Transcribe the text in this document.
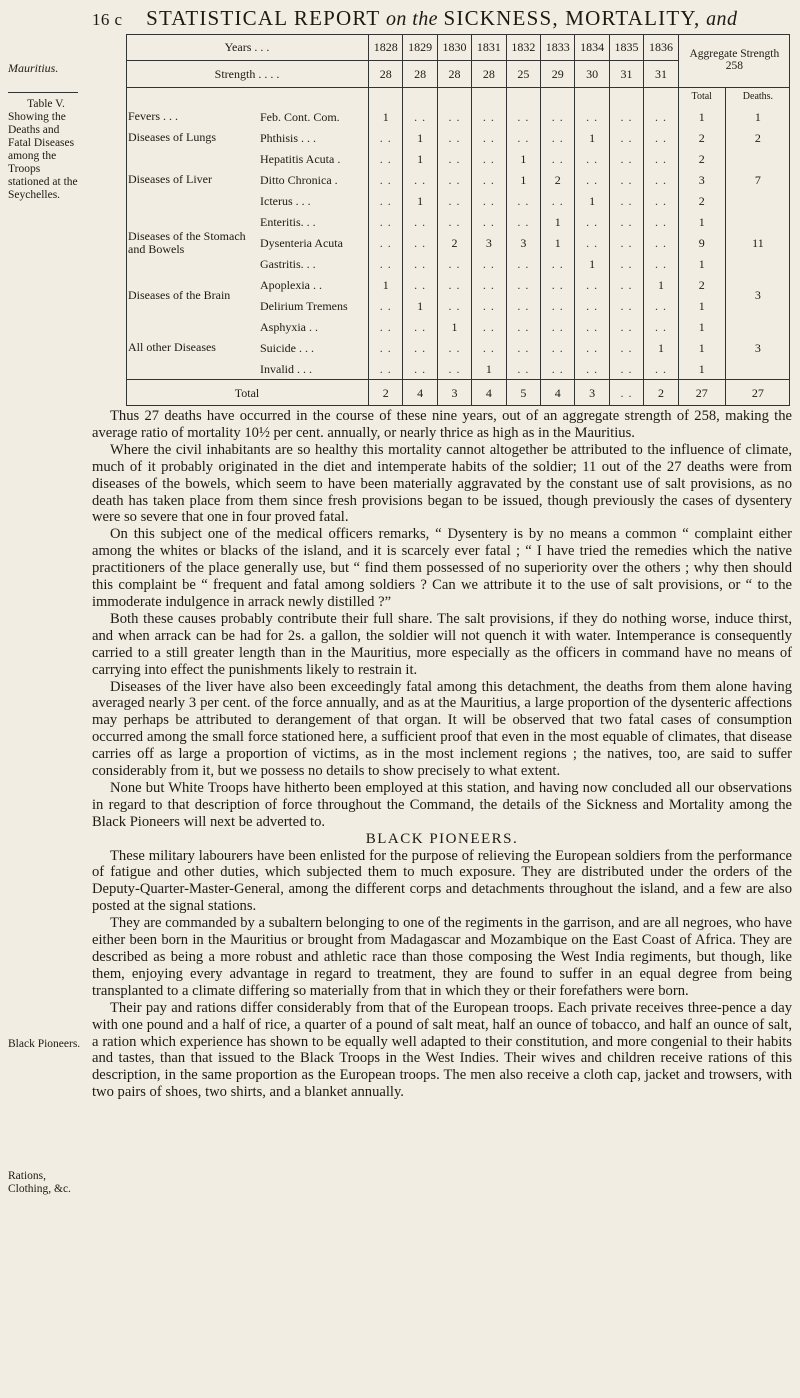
16 c STATISTICAL REPORT on the SICKNESS, MORTALITY, and
Mauritius.
Table V.
Showing the Deaths and Fatal Diseases among the Troops stationed at the Seychelles.
Black Pioneers.
Rations, Clothing, &c.
Years . . .		1828	1829	1830	1831	1832	1833	1834	1835	1836	Aggregate Strength
258	

Strength . . . .		28	28	28	28	25	29	30	31	31		
											Total	Deaths.
Fevers . . .	Feb. Cont. Com.	1	. .	. .	. .	. .	. .	. .	. .	. .	1	1
Diseases of Lungs	Phthisis . . .	. .	1	. .	. .	. .	. .	1	. .	. .	2	2
Diseases of Liver	Hepatitis Acuta .	. .	1	. .	. .	1	. .	. .	. .	. .	2	7
	Ditto Chronica .	. .	. .	. .	. .	1	2	. .	. .	. .	3	
	Icterus . . .	. .	1	. .	. .	. .	. .	1	. .	. .	2	
Diseases of the Stomach and Bowels	Enteritis. . .	. .	. .	. .	. .	. .	1	. .	. .	. .	1	11
	Dysenteria Acuta	. .	. .	2	3	3	1	. .	. .	. .	9	
	Gastritis. . .	. .	. .	. .	. .	. .	. .	1	. .	. .	1	
Diseases of the Brain	Apoplexia . .	1	. .	. .	. .	. .	. .	. .	. .	1	2	3
	Delirium Tremens	. .	1	. .	. .	. .	. .	. .	. .	. .	1	
All other Diseases	Asphyxia . .	. .	. .	1	. .	. .	. .	. .	. .	. .	1	3
	Suicide . . .	. .	. .	. .	. .	. .	. .	. .	. .	1	1	
	Invalid . . .	. .	. .	. .	1	. .	. .	. .	. .	. .	1	
Total		2	4	3	4	5	4	3	. .	2	27	27

Thus 27 deaths have occurred in the course of these nine years, out of an aggregate strength of 258, making the average ratio of mortality 10½ per cent. annually, or nearly thrice as high as in the Mauritius.

Where the civil inhabitants are so healthy this mortality cannot altogether be attributed to the influence of climate, much of it probably originated in the diet and intemperate habits of the soldier; 11 out of the 27 deaths were from diseases of the bowels, which seem to have been materially aggravated by the constant use of salt provisions, as no death has taken place from them since fresh provisions began to be issued, though previously the cases of dysentery were so severe that one in four proved fatal.

On this subject one of the medical officers remarks, “ Dysentery is by no means a common “ complaint either among the whites or blacks of the island, and it is scarcely ever fatal ; “ I have tried the remedies which the native practitioners of the place generally use, but “ find them possessed of no superiority over the others ; why then should this complaint be “ frequent and fatal among soldiers ? Can we attribute it to the use of salt provisions, or “ to the immoderate indulgence in arrack newly distilled ?”

Both these causes probably contribute their full share. The salt provisions, if they do nothing worse, induce thirst, and when arrack can be had for 2s. a gallon, the soldier will not quench it with water. Intemperance is consequently carried to a still greater length than in the Mauritius, more especially as the officers in command have no means of carrying into effect the punishments likely to restrain it.

Diseases of the liver have also been exceedingly fatal among this detachment, the deaths from them alone having averaged nearly 3 per cent. of the force annually, and as at the Mauritius, a large proportion of the dysenteric affections may perhaps be attributed to derangement of that organ. It will be observed that two fatal cases of consumption occurred among the small force stationed here, a sufficient proof that even in the most equable of climates, that disease carries off as large a proportion of victims, as in the most inclement regions ; the natives, too, are said to suffer considerably from it, but we possess no details to show precisely to what extent.

None but White Troops have hitherto been employed at this station, and having now concluded all our observations in regard to that description of force throughout the Command, the details of the Sickness and Mortality among the Black Pioneers will next be adverted to.

BLACK PIONEERS.

These military labourers have been enlisted for the purpose of relieving the European soldiers from the performance of fatigue and other duties, which subjected them to much exposure. They are distributed under the orders of the Deputy-Quarter-Master-General, among the different corps and detachments throughout the island, and a few are also posted at the signal stations.

They are commanded by a subaltern belonging to one of the regiments in the garrison, and are all negroes, who have either been born in the Mauritius or brought from Madagascar and Mozambique on the East Coast of Africa. They are described as being a more robust and athletic race than those composing the West India regiments, but though, like them, enjoying every advantage in regard to treatment, they are found to suffer in an equal degree from being transplanted to a climate differing so materially from that in which they or their forefathers were born.

Their pay and rations differ considerably from that of the European troops. Each private receives three-pence a day with one pound and a half of rice, a quarter of a pound of salt meat, half an ounce of tobacco, and half an ounce of salt, a ration which experience has shown to be equally well adapted to their constitution, and more congenial to their habits and tastes, than that issued to the Black Troops in the West Indies. Their wives and children receive rations of this description, in the same proportion as the European troops. The men also receive a cloth cap, jacket and trowsers, with two pairs of shoes, two shirts, and a blanket annually.
